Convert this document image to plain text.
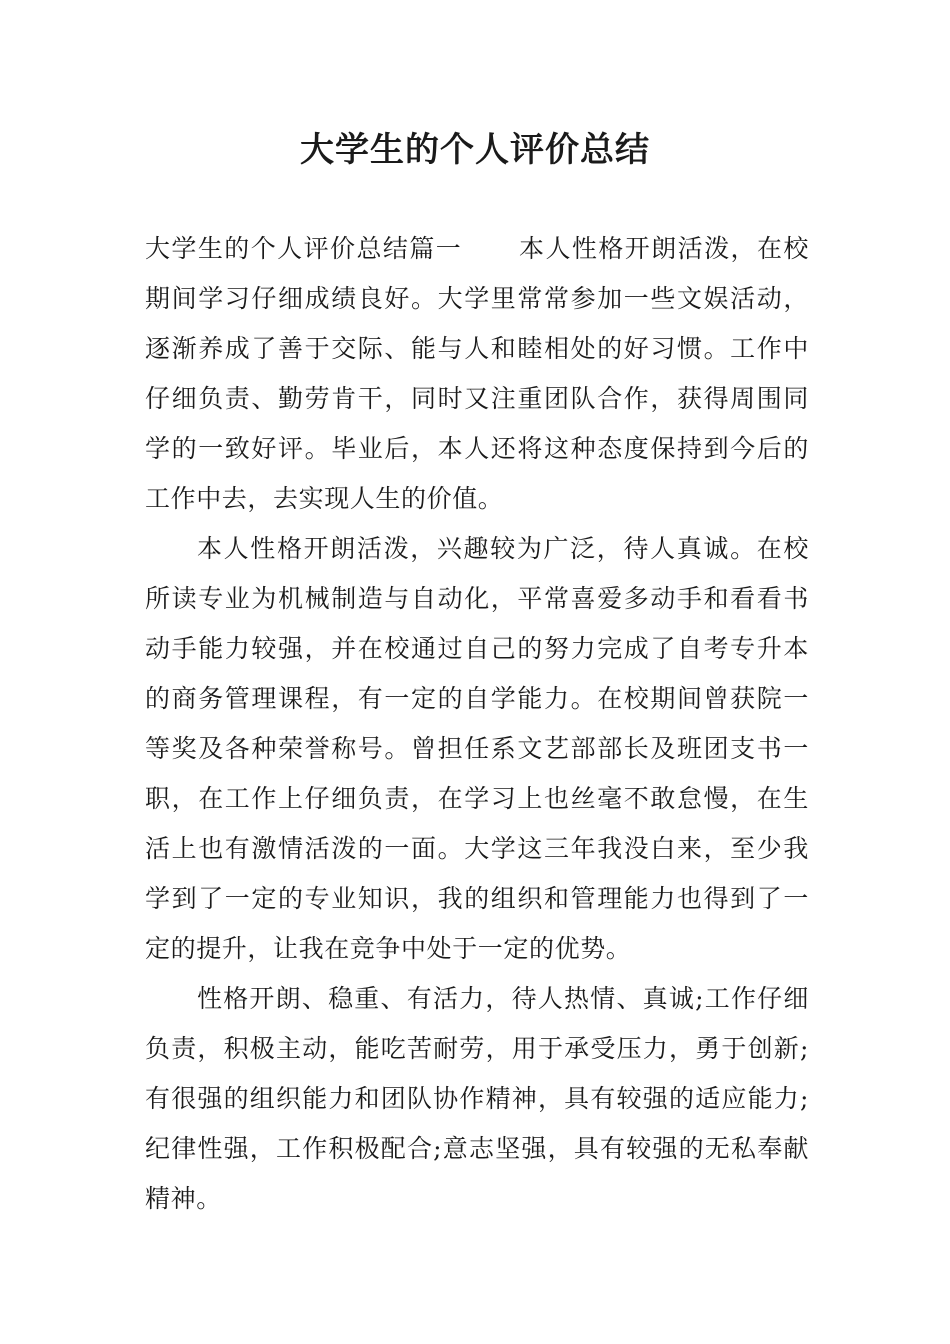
大学生的个人评价总结

大学生的个人评价总结篇一 本人性格开朗活泼，在校期间学习仔细成绩良好。大学里常常参加一些文娱活动，逐渐养成了善于交际、能与人和睦相处的好习惯。工作中仔细负责、勤劳肯干，同时又注重团队合作，获得周围同学的一致好评。毕业后，本人还将这种态度保持到今后的工作中去，去实现人生的价值。

本人性格开朗活泼，兴趣较为广泛，待人真诚。在校所读专业为机械制造与自动化，平常喜爱多动手和看看书动手能力较强，并在校通过自己的努力完成了自考专升本的商务管理课程，有一定的自学能力。在校期间曾获院一等奖及各种荣誉称号。曾担任系文艺部部长及班团支书一职，在工作上仔细负责，在学习上也丝毫不敢怠慢，在生活上也有激情活泼的一面。大学这三年我没白来，至少我学到了一定的专业知识，我的组织和管理能力也得到了一定的提升，让我在竞争中处于一定的优势。

性格开朗、稳重、有活力，待人热情、真诚;工作仔细负责，积极主动，能吃苦耐劳，用于承受压力，勇于创新;有很强的组织能力和团队协作精神，具有较强的适应能力;纪律性强，工作积极配合;意志坚强，具有较强的无私奉献精神。
